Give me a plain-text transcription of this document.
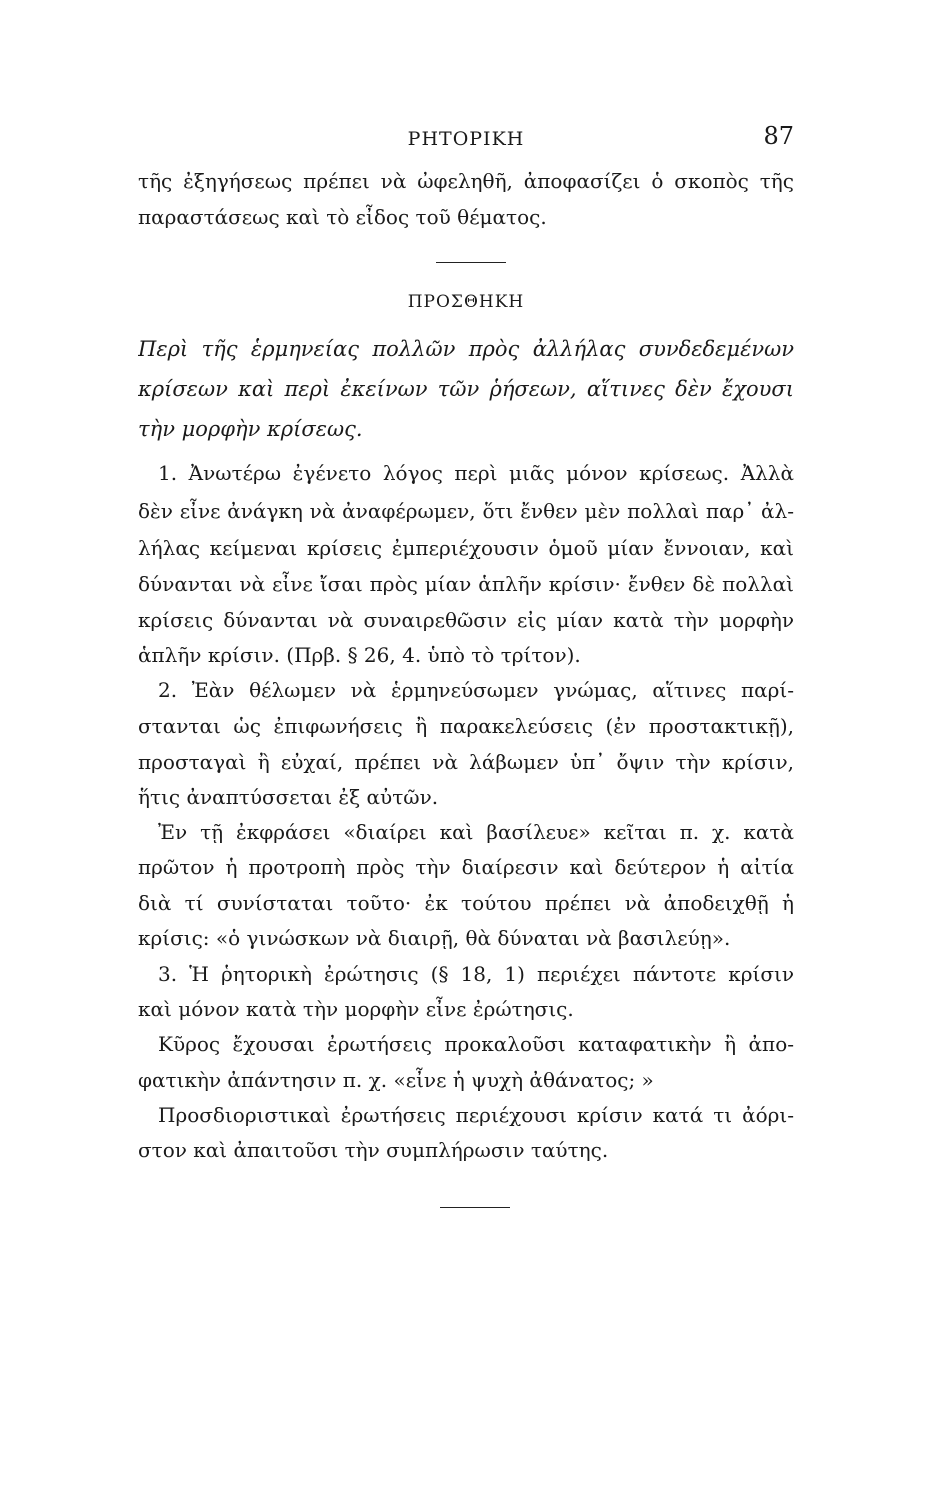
ΡΗΤΟΡΙΚΗ	87
τῆς ἐξηγήσεως πρέπει νὰ ὠφεληθῆ, ἀποφασίζει ὁ σκοπὸς τῆς
παραστάσεως καὶ τὸ εἶδος τοῦ θέματος.
ΠΡΟΣΘΗΚΗ
Περὶ τῆς ἑρμηνείας πολλῶν πρὸς ἀλλήλας συνδεδεμένων
κρίσεων καὶ περὶ ἐκείνων τῶν ῥήσεων, αἵτινες δὲν ἔχουσι
τὴν μορφὴν κρίσεως.
1. Ἀνωτέρω ἐγένετο λόγος περὶ μιᾶς μόνον κρίσεως. Ἀλλὰ
δὲν εἶνε ἀνάγκη νὰ ἀναφέρωμεν, ὅτι ἔνθεν μὲν πολλαὶ παρ᾽ ἀλ-
λήλας κείμεναι κρίσεις ἐμπεριέχουσιν ὁμοῦ μίαν ἔννοιαν, καὶ
δύνανται νὰ εἶνε ἴσαι πρὸς μίαν ἁπλῆν κρίσιν· ἔνθεν δὲ πολλαὶ
κρίσεις δύνανται νὰ συναιρεθῶσιν εἰς μίαν κατὰ τὴν μορφὴν
ἁπλῆν κρίσιν. (Πρβ. § 26, 4. ὑπὸ τὸ τρίτον).
2. Ἐὰν θέλωμεν νὰ ἑρμηνεύσωμεν γνώμας, αἵτινες παρί-
στανται ὡς ἐπιφωνήσεις ἢ παρακελεύσεις (ἐν προστακτικῇ),
προσταγαὶ ἢ εὐχαί, πρέπει νὰ λάβωμεν ὑπ᾽ ὄψιν τὴν κρίσιν,
ἥτις ἀναπτύσσεται ἐξ αὐτῶν.
Ἐν τῇ ἐκφράσει «διαίρει καὶ βασίλευε» κεῖται π. χ. κατὰ
πρῶτον ἡ προτροπὴ πρὸς τὴν διαίρεσιν καὶ δεύτερον ἡ αἰτία
διὰ τί συνίσταται τοῦτο· ἐκ τούτου πρέπει νὰ ἀποδειχθῇ ἡ
κρίσις: «ὁ γινώσκων νὰ διαιρῇ, θὰ δύναται νὰ βασιλεύῃ».
3. Ἡ ῥητορικὴ ἐρώτησις (§ 18, 1) περιέχει πάντοτε κρίσιν
καὶ μόνον κατὰ τὴν μορφὴν εἶνε ἐρώτησις.
Κῦρος ἔχουσαι ἐρωτήσεις προκαλοῦσι καταφατικὴν ἢ ἀπο-
φατικὴν ἀπάντησιν π. χ. «εἶνε ἡ ψυχὴ ἀθάνατος; »
Προσδιοριστικαὶ ἐρωτήσεις περιέχουσι κρίσιν κατά τι ἀόρι-
στον καὶ ἀπαιτοῦσι τὴν συμπλήρωσιν ταύτης.
